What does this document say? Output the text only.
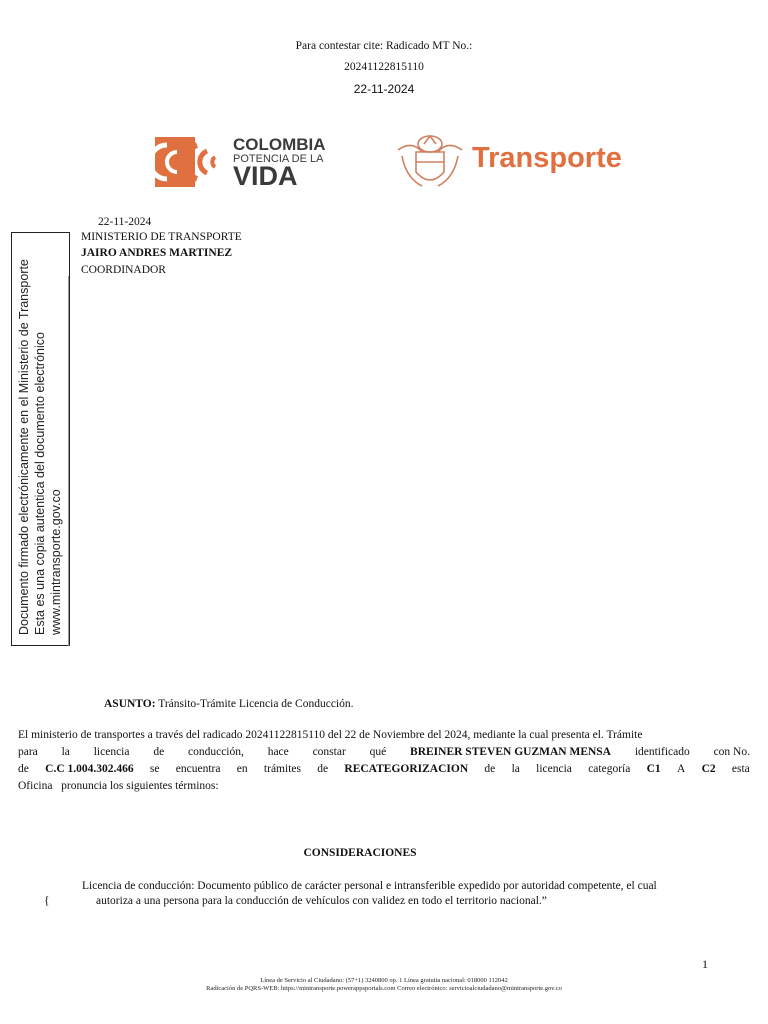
Para contestar cite: Radicado MT No.:
20241122815110
22-11-2024
COLOMBIA
POTENCIA DE LA
VIDA
Transporte
22-11-2024
MINISTERIO DE TRANSPORTE
JAIRO ANDRES MARTINEZ
COORDINADOR
Documento firmado electrónicamente en el Ministerio de Transporte Esta es una copia autentica del documento electrónico www.mintransporte.gov.co
ASUNTO: Tránsito-Trámite Licencia de Conducción.
El ministerio de transportes a través del radicado 20241122815110 del 22 de Noviembre del 2024, mediante la cual presenta el. Trámite
para la licencia de conducción, hace constar qué BREINER STEVEN GUZMAN MENSA identificado con No.
de C.C 1.004.302.466 se encuentra en trámites de RECATEGORIZACION de la licencia categoría C1 A C2 esta
Oficina   pronuncia los siguientes términos:
CONSIDERACIONES
Licencia de conducción: Documento público de carácter personal e intransferible expedido por autoridad competente, el cual
{	autoriza a una persona para la conducción de vehículos con validez en todo el territorio nacional.”
1
Línea de Servicio al Ciudadano: (57+1) 3240800 op. 1 Línea gratuita nacional: 018000 112042
Radicación de PQRS-WEB: https://mintransporte.powerappsportals.com Correo electrónico: servicioalciudadano@mintransporte.gov.co
